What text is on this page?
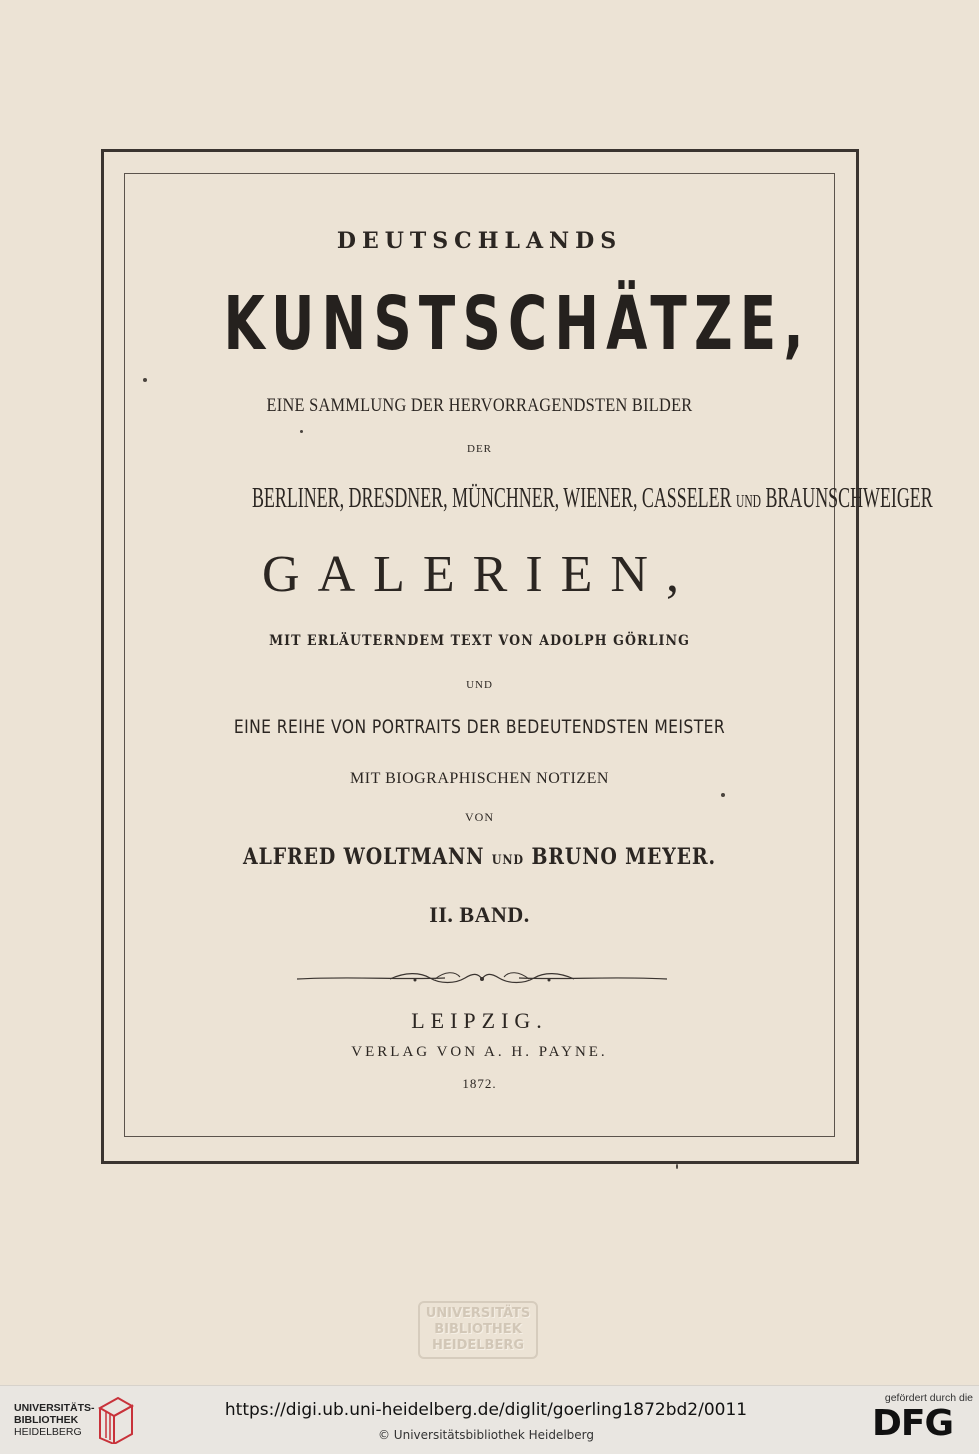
DEUTSCHLANDS
KUNSTSCHÄTZE,
EINE SAMMLUNG DER HERVORRAGENDSTEN BILDER
DER
BERLINER, DRESDNER, MÜNCHNER, WIENER, CASSELER UND BRAUNSCHWEIGER
GALERIEN,
MIT ERLÄUTERNDEM TEXT VON ADOLPH GÖRLING
UND
EINE REIHE VON PORTRAITS DER BEDEUTENDSTEN MEISTER
MIT BIOGRAPHISCHEN NOTIZEN
VON
ALFRED WOLTMANN UND BRUNO MEYER.
II. BAND.
LEIPZIG.
VERLAG VON A. H. PAYNE.
1872.
UNIVERSITÄTS
BIBLIOTHEK
HEIDELBERG
UNIVERSITÄTS-
BIBLIOTHEK
HEIDELBERG
https://digi.ub.uni-heidelberg.de/diglit/goerling1872bd2/0011
© Universitätsbibliothek Heidelberg
gefördert durch die
DFG
